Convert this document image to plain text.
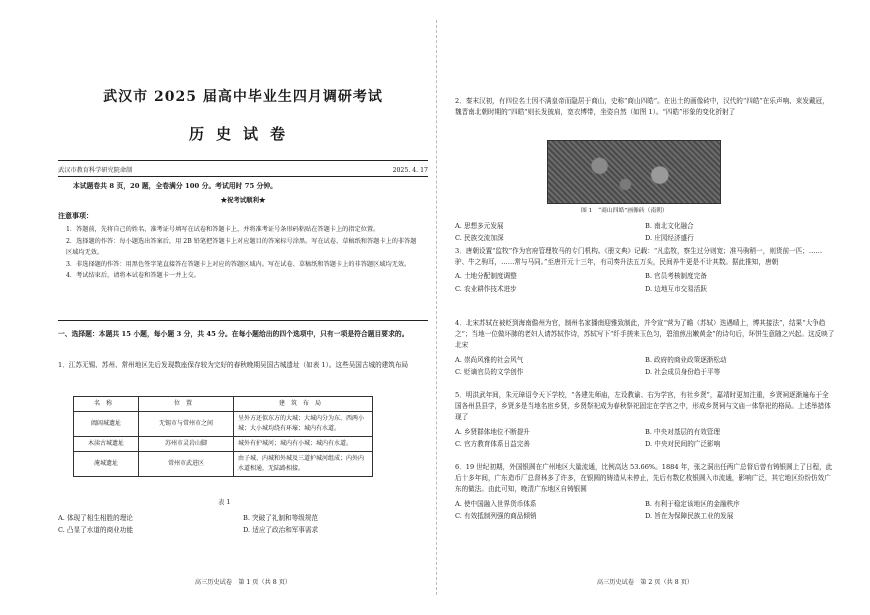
武汉市 2025 届高中毕业生四月调研考试
历史试卷
武汉市教育科学研究院命制	2025. 4. 17
本试题卷共 8 页，20 题，全卷满分 100 分。考试用时 75 分钟。
★祝考试顺利★
注意事项：
1．答题前，先将自己的姓名、准考证号填写在试卷和答题卡上，并将准考证号条形码粘贴在答题卡上的指定位置。
2．选择题的作答：每小题选出答案后，用 2B 铅笔把答题卡上对应题目的答案标号涂黑。写在试卷、草稿纸和答题卡上的非答题区域均无效。
3．非选择题的作答：用黑色签字笔直接答在答题卡上对应的答题区域内。写在试卷、草稿纸和答题卡上的非答题区域均无效。
4．考试结束后，请将本试卷和答题卡一并上交。
一、选择题：本题共 15 小题，每小题 3 分，共 45 分。在每小题给出的四个选项中，只有一项是符合题目要求的。
1．江苏无锡、苏州、常州地区先后发现数座保存较为完好的春秋晚期吴国古城遗址（如表 1）。这些吴国古城的建筑布局
名称	位置	建筑布局
阖闾城遗址	无锡市与常州市之间	呈外方还似东方的大城；大城内分为东、西两小城；大小城均绕有环壕；城内有水道。
木渎古城遗址	苏州市灵岩山脚	城外有护城河；城内有小城；城内有水道。
淹城遗址	常州市武进区	由子城、内城和外城及三道护城河组成；内外内水道相通，无陆路相接。
表 1
A. 体现了相生相胜的理论	B. 突破了礼制和等级规范
C. 凸显了水道的商业功能	D. 适应了政治和军事需求
高三历史试卷　第 1 页（共 8 页）
2．秦末汉初，有四位名士因不满皇帝而隐居于商山，史称“商山四皓”。在出土的画像砖中，汉代的“四皓”在乐声响、束发戴冠，魏晋南北朝时期的“四皓”则长发披肩，宽衣博带，坐姿自然（如图 1）。“四皓”形象的变化折射了
图 1　“商山四皓”画像砖（南朝）
A. 思想多元发展	B. 南北文化融合
C. 民族交流加深	D. 庄园经济盛行
3．唐朝设置“监牧”作为官府管理牧马的专门机构。《册文典》记载：“凡监牧，察生过分则宽；准马驹稍一，则货前一匹；……驴、牛之驹耳，……常与马同。”至唐开元十三年，有司奏升法五万头，民间养牛更是不计其数。据此推知，唐朝
A. 土地分配制度调整	B. 官员考核制度完备
C. 农业耕作技术进步	D. 边地互市交易活跃
4．北宋苏轼在被贬到海南儋州为官，制州名家播南迎雅致制此，并令宣“营为了瞻（苏轼）迭遇晴上，博其接法”，结果“大争趋之”；当地一位做坏肺的老妇人请苏轼作诗，苏轼写下“纤手搓来玉色匀，碧油煎出嫩黄金”的诗句后，环饼生意随之兴起。这反映了北宋
A. 崇尚风雅的社会风气	B. 政府的商业政策逐渐松动
C. 贬谪官员的文学创作	D. 社会成员身份趋于平等
5．明洪武年间，朱元璋诏令天下学校，“各建先师庙，左设教谕、右为学宫，有社乡贤”，嘉靖时更加注重，乡贤祠逐渐遍布于全国各州县县学，乡贤多是当地名宦乡贤，乡贤祭祀成为春秋祭祀固定在学宫之中，形成乡贤祠与文庙一体祭祀的格局。上述举措体现了
A. 乡贤群体地位不断提升	B. 中央对基层的有效管理
C. 官方教育体系日益完善	D. 中央对民间的广泛影响
6．19 世纪初期，外国银圆在广州地区大量流通，比例高达 53.66%。1884 年，张之洞出任两广总督后曾有铸银圆上了日程，此后十多年间，广东造币厂总督林多了许多，在银圆的铸造从未停止，先后有数亿枚银圆入市流通，影响广泛，其它地区纷纷仿效广东的做法。由此可知，晚清广东地区自铸银圆
A. 使中国融入世界货币体系	B. 有利于稳定该地区的金融秩序
C. 有效抵制列强的商品倾销	D. 旨在为保障民族工业的发展
高三历史试卷　第 2 页（共 8 页）
